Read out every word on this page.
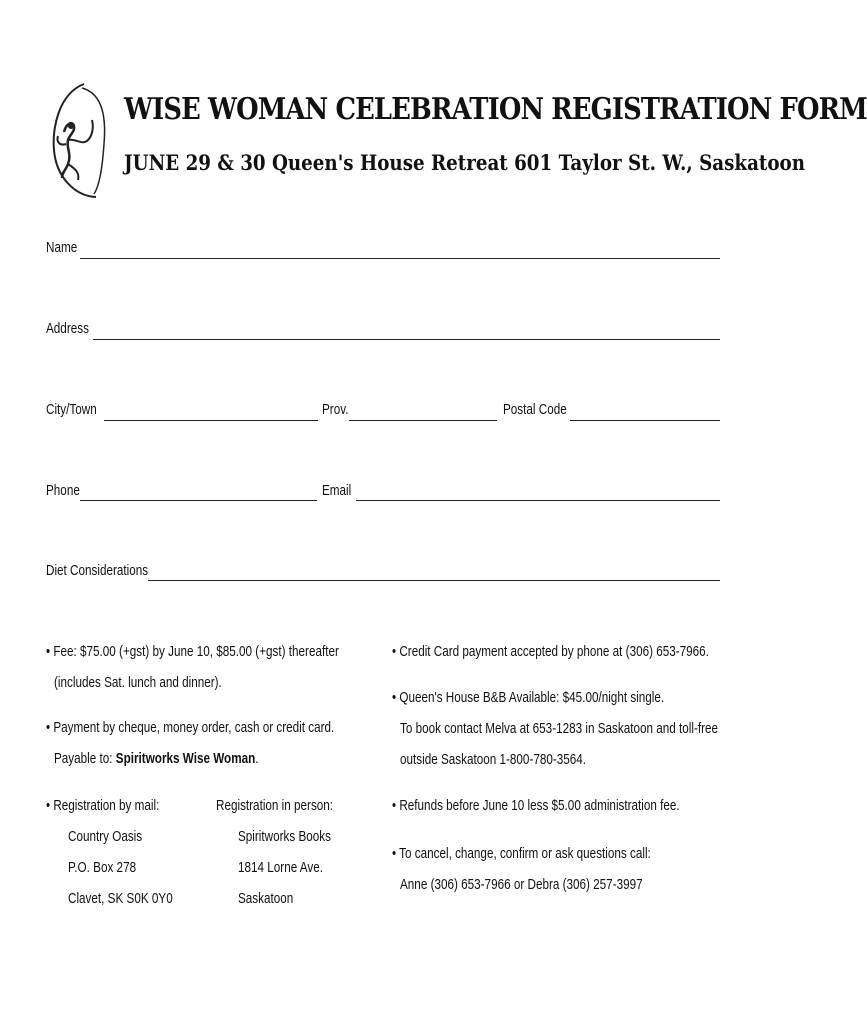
WISE WOMAN CELEBRATION REGISTRATION FORM
JUNE 29 & 30 Queen's House Retreat 601 Taylor St. W., Saskatoon
Name
Address
City/Town	Prov.	Postal Code
Phone	Email
Diet Considerations
• Fee: $75.00 (+gst) by June 10, $85.00 (+gst) thereafter
(includes Sat. lunch and dinner).
• Payment by cheque, money order, cash or credit card.
Payable to: Spiritworks Wise Woman.
• Registration by mail:
Country Oasis
P.O. Box 278
Clavet, SK S0K 0Y0
Registration in person:
Spiritworks Books
1814 Lorne Ave.
Saskatoon
• Credit Card payment accepted by phone at (306) 653-7966.
• Queen's House B&B Available: $45.00/night single.
To book contact Melva at 653-1283 in Saskatoon and toll-free
outside Saskatoon 1-800-780-3564.
• Refunds before June 10 less $5.00 administration fee.
• To cancel, change, confirm or ask questions call:
Anne (306) 653-7966 or Debra (306) 257-3997
